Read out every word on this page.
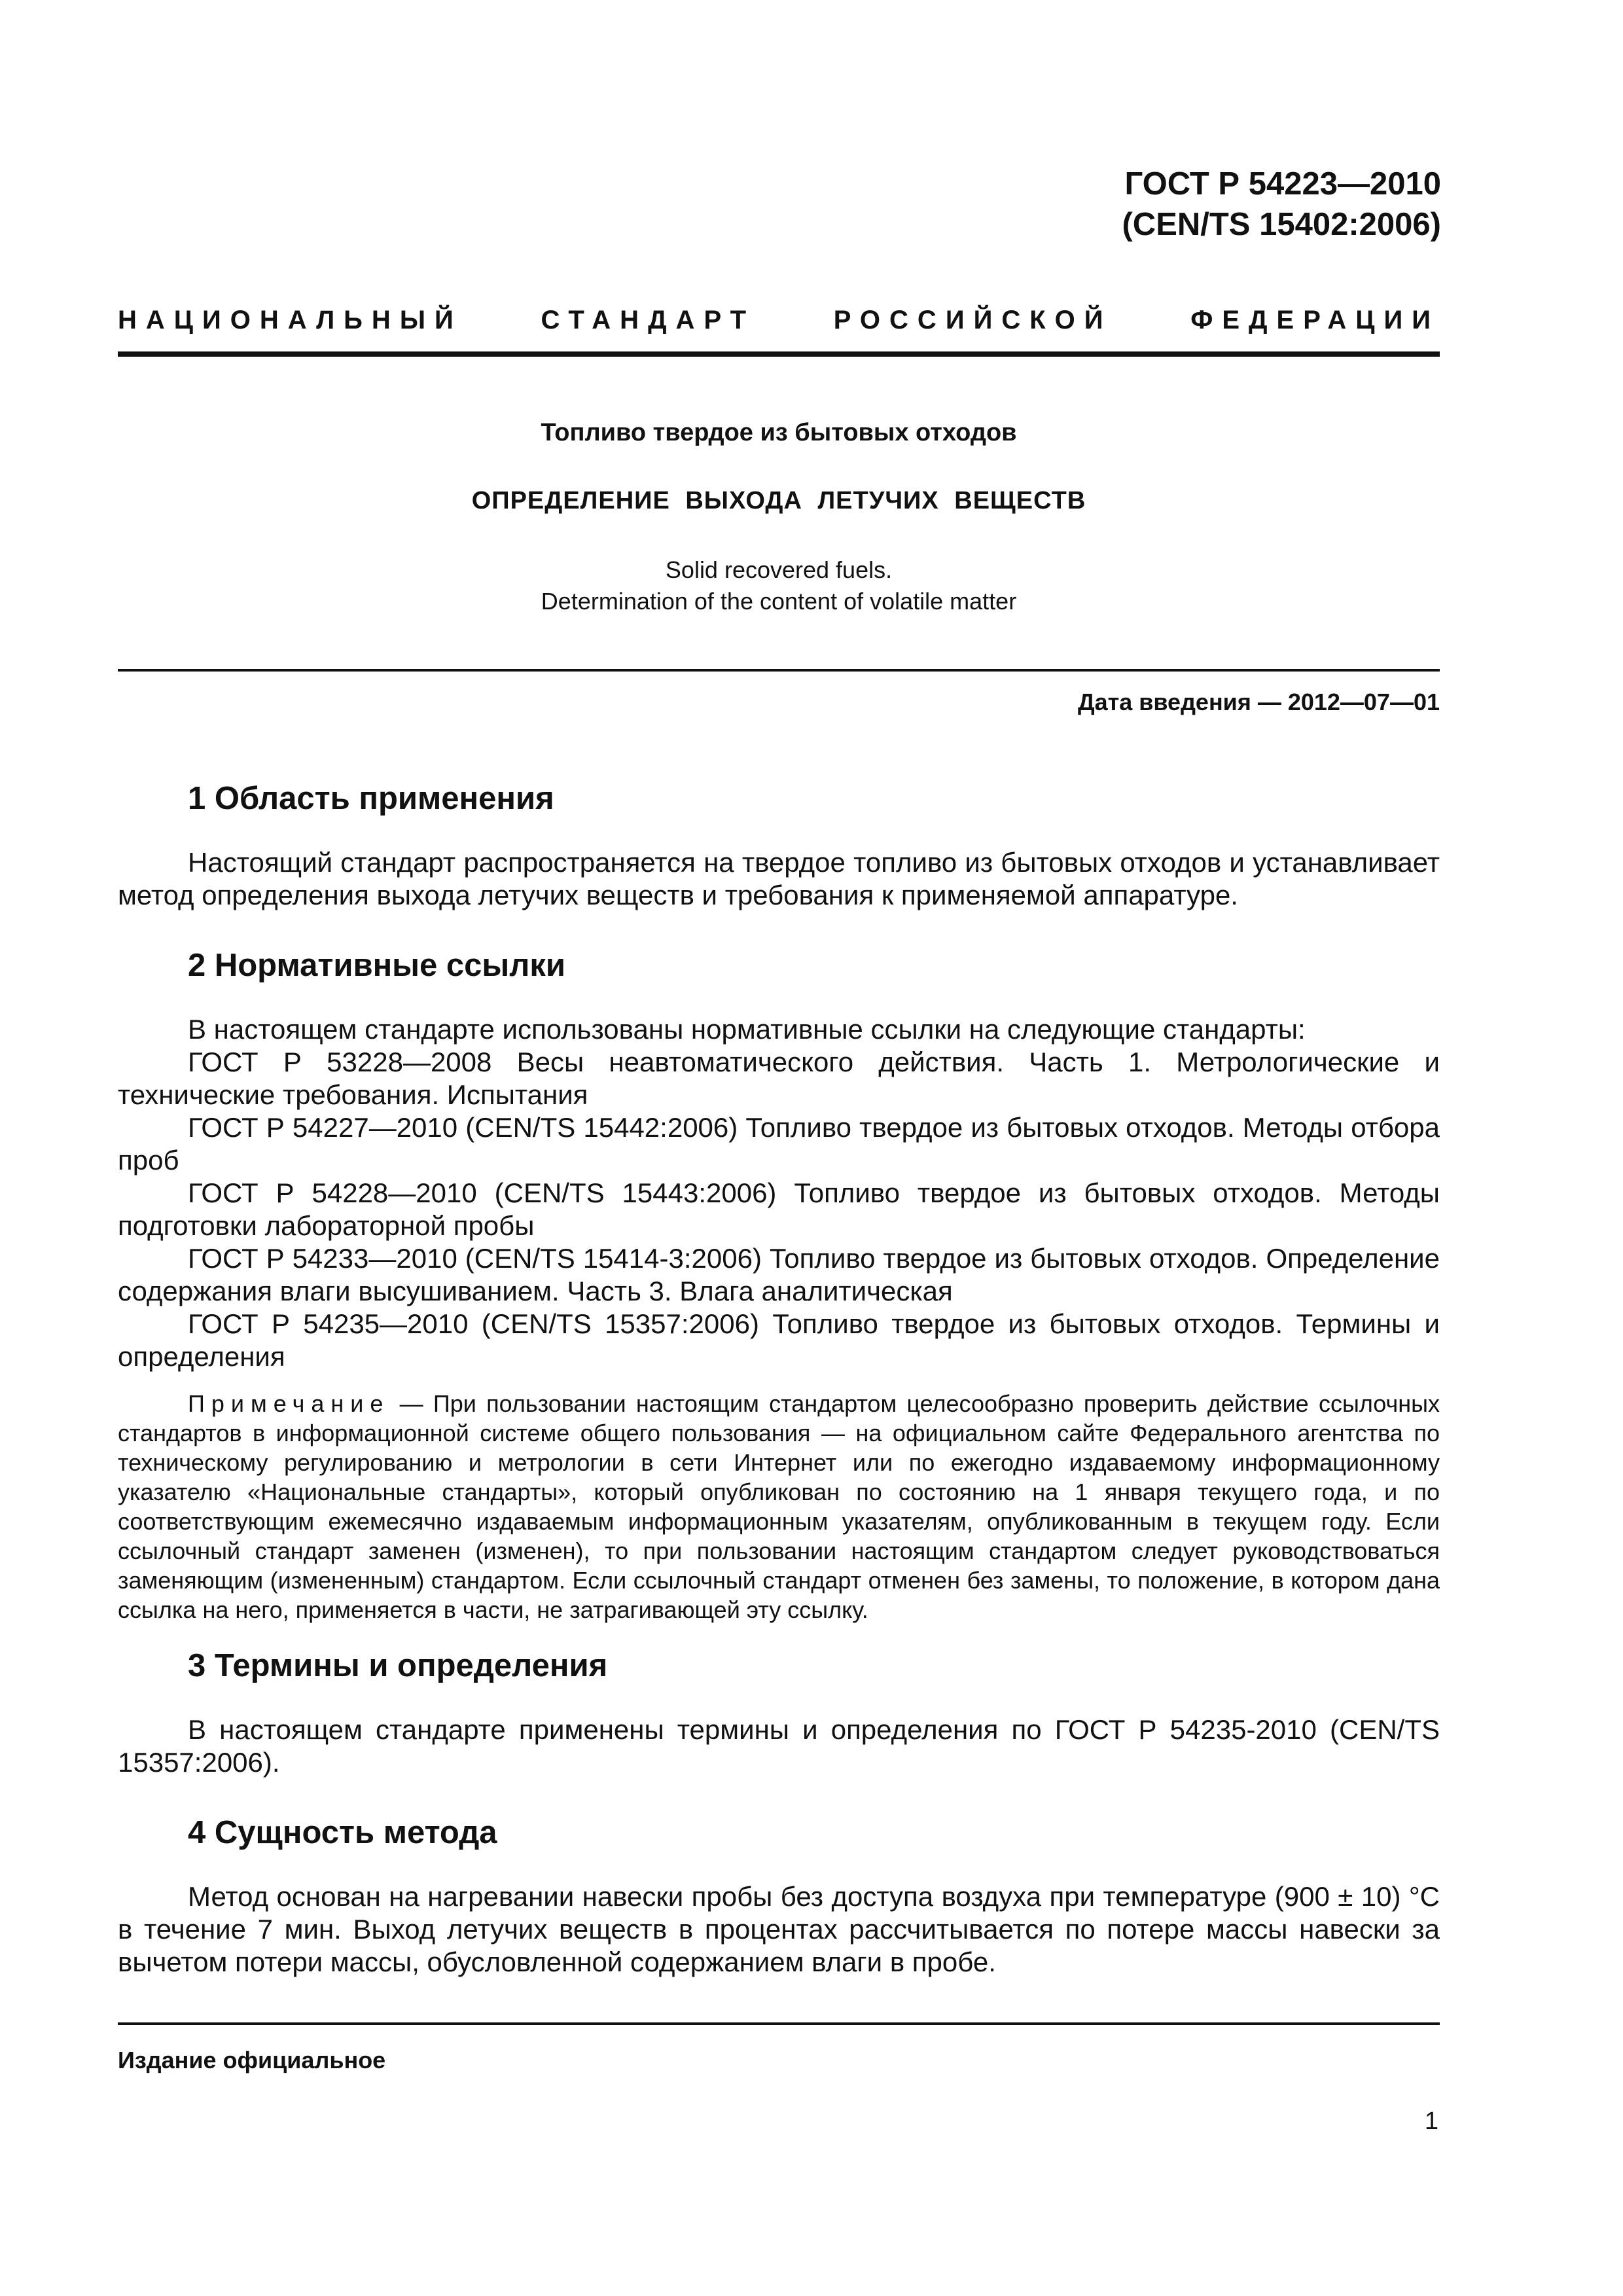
ГОСТ Р 54223—2010
(CEN/TS 15402:2006)
НАЦИОНАЛЬНЫЙ	СТАНДАРТ	РОССИЙСКОЙ	ФЕДЕРАЦИИ
Топливо твердое из бытовых отходов
ОПРЕДЕЛЕНИЕ ВЫХОДА ЛЕТУЧИХ ВЕЩЕСТВ
Solid recovered fuels.
Determination of the content of volatile matter
Дата введения — 2012—07—01
1 Область применения

Настоящий стандарт распространяется на твердое топливо из бытовых отходов и устанавливает метод определения выхода летучих веществ и требования к применяемой аппаратуре.

2 Нормативные ссылки

В настоящем стандарте использованы нормативные ссылки на следующие стандарты:

ГОСТ Р 53228—2008 Весы неавтоматического действия. Часть 1. Метрологические и технические требования. Испытания

ГОСТ Р 54227—2010 (CEN/TS 15442:2006) Топливо твердое из бытовых отходов. Методы отбора проб

ГОСТ Р 54228—2010 (CEN/TS 15443:2006) Топливо твердое из бытовых отходов. Методы подготовки лабораторной пробы

ГОСТ Р 54233—2010 (CEN/TS 15414-3:2006) Топливо твердое из бытовых отходов. Определение содержания влаги высушиванием. Часть 3. Влага аналитическая

ГОСТ Р 54235—2010 (CEN/TS 15357:2006) Топливо твердое из бытовых отходов. Термины и определения

Примечание — При пользовании настоящим стандартом целесообразно проверить действие ссылочных стандартов в информационной системе общего пользования — на официальном сайте Федерального агентства по техническому регулированию и метрологии в сети Интернет или по ежегодно издаваемому информационному указателю «Национальные стандарты», который опубликован по состоянию на 1 января текущего года, и по соответствующим ежемесячно издаваемым информационным указателям, опубликованным в текущем году. Если ссылочный стандарт заменен (изменен), то при пользовании настоящим стандартом следует руководствоваться заменяющим (измененным) стандартом. Если ссылочный стандарт отменен без замены, то положение, в котором дана ссылка на него, применяется в части, не затрагивающей эту ссылку.

3 Термины и определения

В настоящем стандарте применены термины и определения по ГОСТ Р 54235-2010 (CEN/TS 15357:2006).

4 Сущность метода

Метод основан на нагревании навески пробы без доступа воздуха при температуре (900 ± 10) °С в течение 7 мин. Выход летучих веществ в процентах рассчитывается по потере массы навески за вычетом потери массы, обусловленной содержанием влаги в пробе.

Издание официальное
1
